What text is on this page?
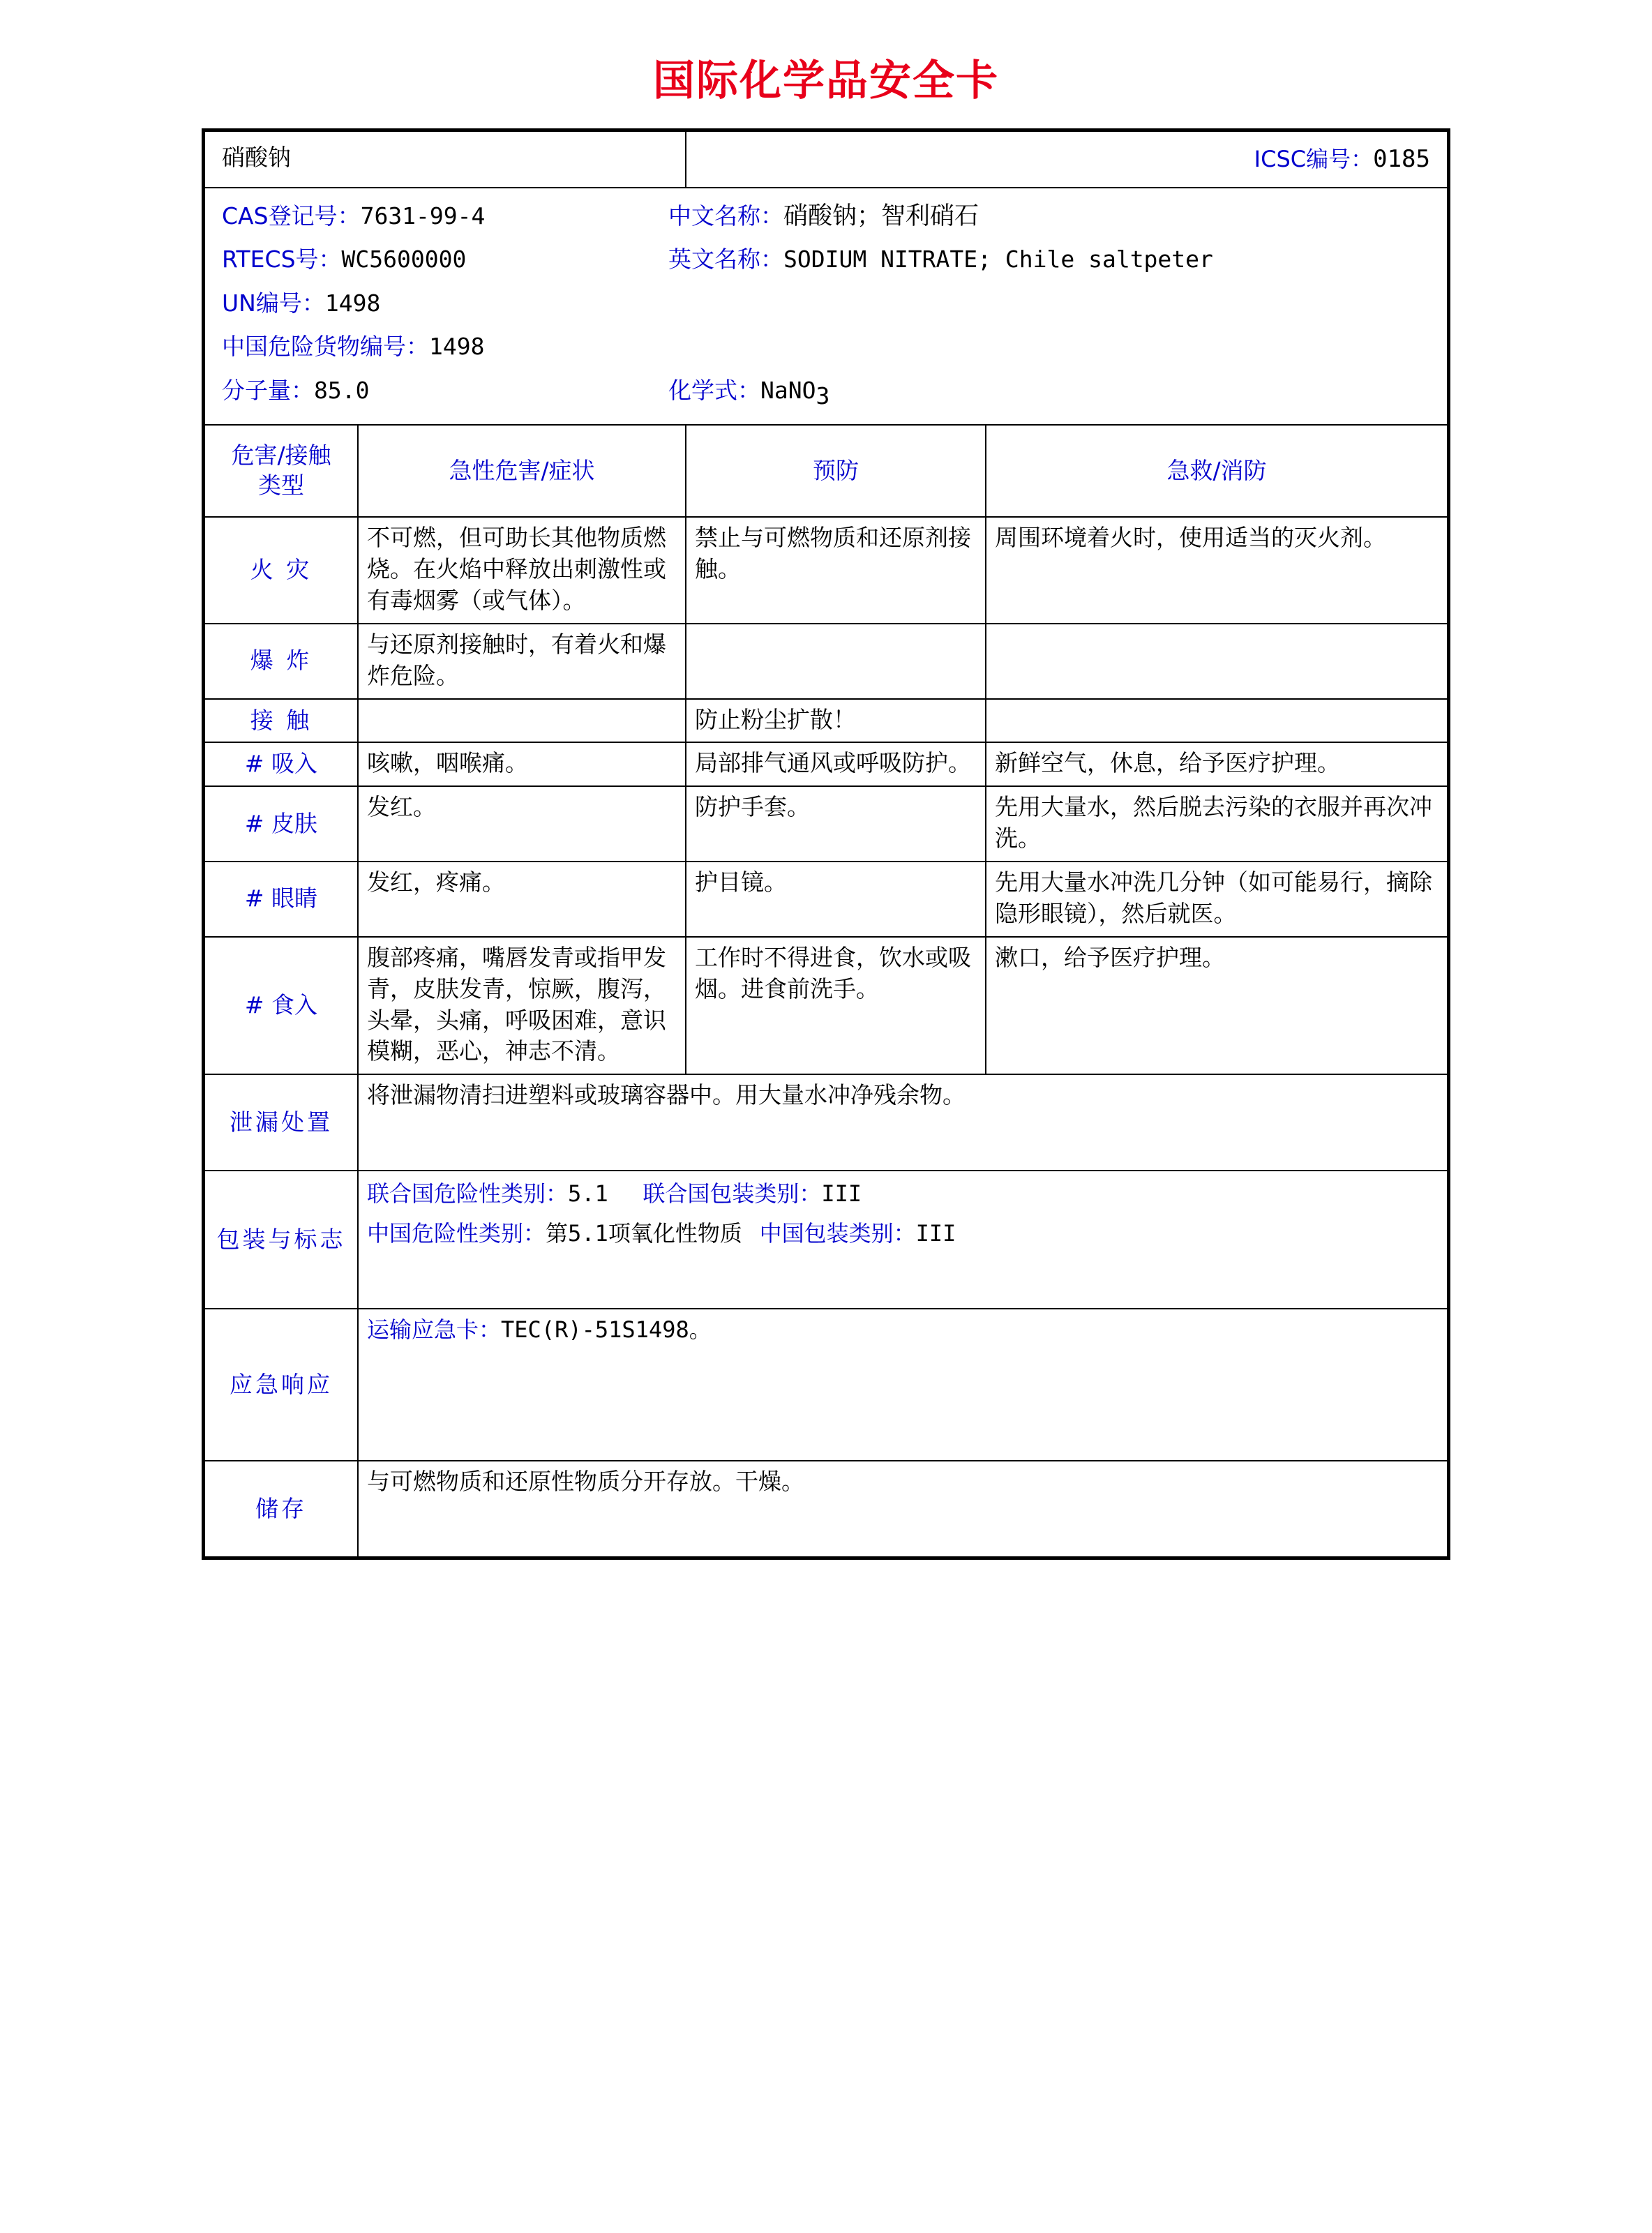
国际化学品安全卡
硝酸钠		ICSC编号：0185	

CAS登记号：7631-99-4	中文名称：硝酸钠；智利硝石
RTECS号：WC5600000	英文名称：SODIUM NITRATE; Chile saltpeter
UN编号：1498
中国危险货物编号：1498
分子量：85.0	化学式：NaNO$_3$

危害/接触
类型	急性危害/症状	预防	急救/消防
火 灾	不可燃，但可助长其他物质燃烧。在火焰中释放出刺激性或有毒烟雾（或气体）。	禁止与可燃物质和还原剂接触。	周围环境着火时，使用适当的灭火剂。
爆 炸	与还原剂接触时，有着火和爆炸危险。		
接 触		防止粉尘扩散！	
# 吸入	咳嗽，咽喉痛。	局部排气通风或呼吸防护。	新鲜空气，休息，给予医疗护理。
# 皮肤	发红。	防护手套。	先用大量水，然后脱去污染的衣服并再次冲洗。
# 眼睛	发红，疼痛。	护目镜。	先用大量水冲洗几分钟（如可能易行，摘除隐形眼镜），然后就医。
# 食入	腹部疼痛，嘴唇发青或指甲发青，皮肤发青，惊厥，腹泻，头晕，头痛，呼吸困难，意识模糊，恶心，神志不清。	工作时不得进食，饮水或吸烟。进食前洗手。	漱口，给予医疗护理。
泄漏处置	将泄漏物清扫进塑料或玻璃容器中。用大量水冲净残余物。		
包装与标志	联合国危险性类别：5.1 联合国包装类别：III
中国危险性类别：第5.1项氧化性物质 中国包装类别：III		

应急响应	运输应急卡：TEC(R)-51S1498。		
储存	与可燃物质和还原性物质分开存放。干燥。		
